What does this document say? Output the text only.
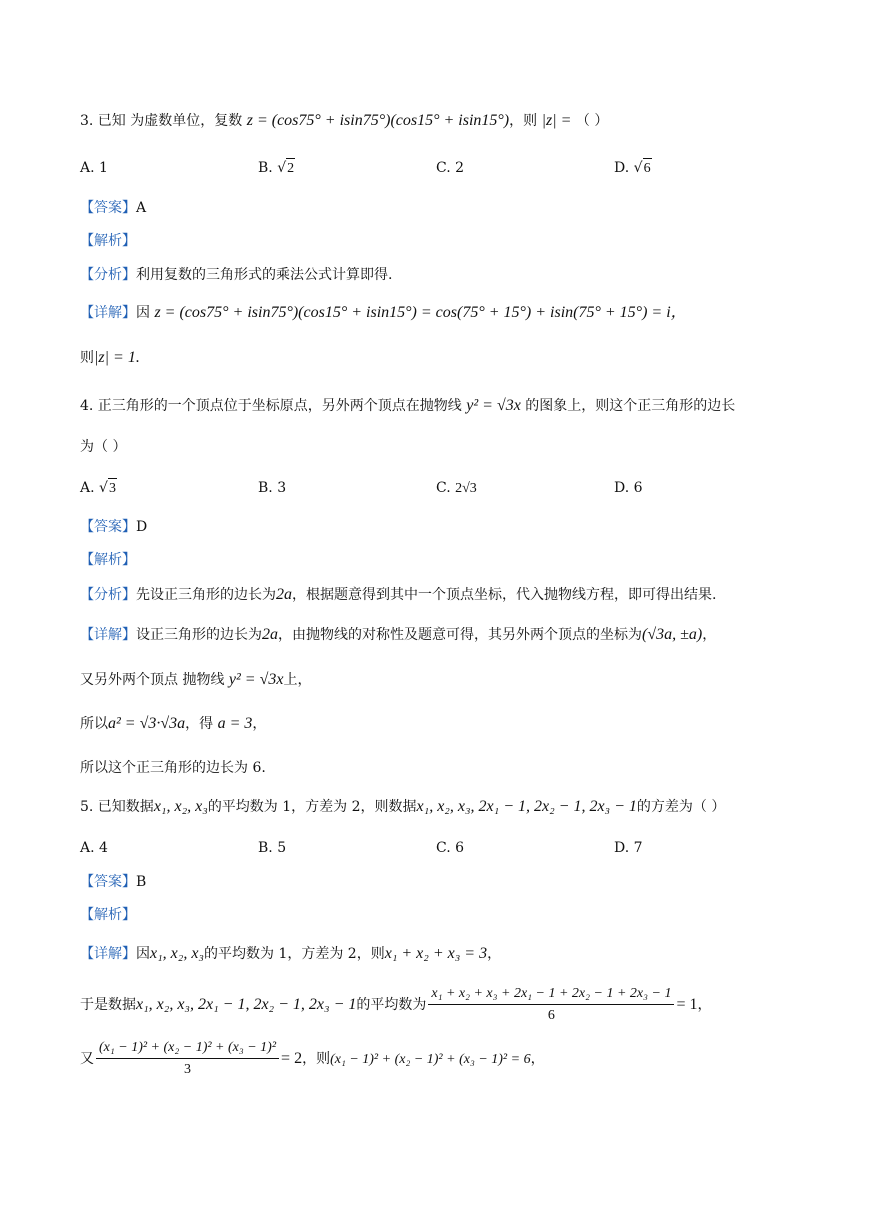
3. 已知 为虚数单位，复数 z = (cos75° + isin75°)(cos15° + isin15°)，则 |z| = （ ）
A. 1	B. √2	C. 2	D. √6
【答案】A
【解析】
【分析】利用复数的三角形式的乘法公式计算即得.
【详解】因 z = (cos75° + isin75°)(cos15° + isin15°) = cos(75° + 15°) + isin(75° + 15°) = i，
则|z| = 1.
4. 正三角形的一个顶点位于坐标原点，另外两个顶点在抛物线 y² = √3x 的图象上，则这个正三角形的边长
为（ ）
A. √3	B. 3	C. 2√3	D. 6
【答案】D
【解析】
【分析】先设正三角形的边长为2a，根据题意得到其中一个顶点坐标，代入抛物线方程，即可得出结果.
【详解】设正三角形的边长为2a，由抛物线的对称性及题意可得，其另外两个顶点的坐标为(√3a, ±a)，
又另外两个顶点 抛物线 y² = √3x上，
所以a² = √3·√3a，得 a = 3，
所以这个正三角形的边长为 6.
5. 已知数据x₁, x₂, x₃的平均数为 1，方差为 2，则数据x₁, x₂, x₃, 2x₁ − 1, 2x₂ − 1, 2x₃ − 1的方差为（ ）
A. 4	B. 5	C. 6	D. 7
【答案】B
【解析】
【详解】因x₁, x₂, x₃的平均数为 1，方差为 2，则x₁ + x₂ + x₃ = 3，
于是数据x₁, x₂, x₃, 2x₁ − 1, 2x₂ − 1, 2x₃ − 1的平均数为 $\frac{\text{x₁ + x₂ + x₃ + 2x₁ − 1 + 2x₂ − 1 + 2x₃ − 1}}{6} = 1$，
又 $\frac{\text{(x₁ − 1)² + (x₂ − 1)² + (x₃ − 1)²}}{3} = 2$，则(x₁ − 1)² + (x₂ − 1)² + (x₃ − 1)² = 6，
